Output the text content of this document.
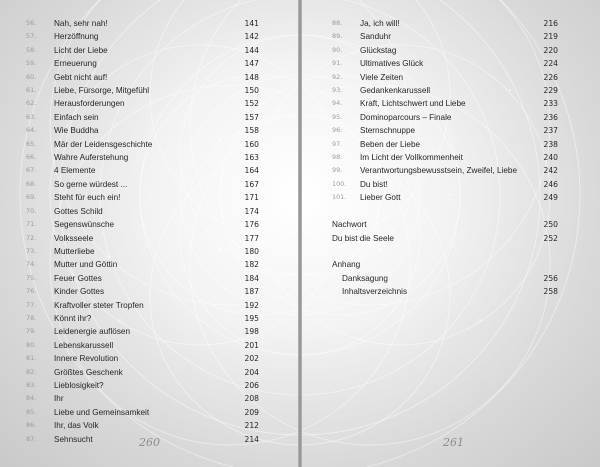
56.	Nah, sehr nah!	141
57.	Herzöffnung	142
58.	Licht der Liebe	144
59.	Erneuerung	147
60.	Gebt nicht auf!	148
61.	Liebe, Fürsorge, Mitgefühl	150
62.	Herausforderungen	152
63.	Einfach sein	157
64.	Wie Buddha	158
65.	Mär der Leidensgeschichte	160
66.	Wahre Auferstehung	163
67.	4 Elemente	164
68.	So gerne würdest ...	167
69.	Steht für euch ein!	171
70.	Gottes Schild	174
71.	Segenswünsche	176
72.	Volksseele	177
73.	Mutterliebe	180
74.	Mutter und Göttin	182
75.	Feuer Gottes	184
76.	Kinder Gottes	187
77.	Kraftvoller steter Tropfen	192
78.	Könnt ihr?	195
79.	Leidenergie auflösen	198
80.	Lebenskarussell	201
81.	Innere Revolution	202
82.	Größtes Geschenk	204
83.	Lieblosigkeit?	206
84.	Ihr	208
85.	Liebe und Gemeinsamkeit	209
86.	Ihr, das Volk	212
87.	Sehnsucht	214
260
88.	Ja, ich will!	216
89.	Sanduhr	219
90.	Glückstag	220
91.	Ultimatives Glück	224
92.	Viele Zeiten	226
93.	Gedankenkarussell	229
94.	Kraft, Lichtschwert und Liebe	233
95.	Dominoparcours – Finale	236
96.	Sternschnuppe	237
97.	Beben der Liebe	238
98.	Im Licht der Vollkommenheit	240
99.	Verantwortungsbewusstsein, Zweifel, Liebe	242
100.	Du bist!	246
101.	Lieber Gott	249
Nachwort	250
Du bist die Seele	252
Anhang
Danksagung	256
Inhaltsverzeichnis	258
261
